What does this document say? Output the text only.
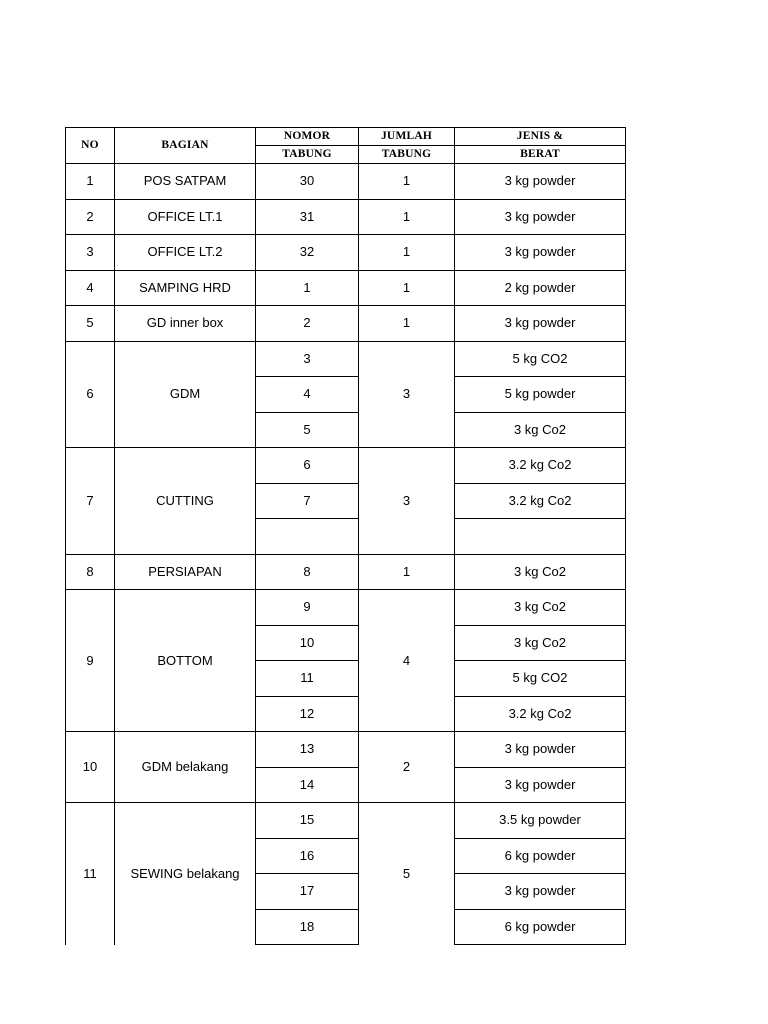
NO	BAGIAN	NOMOR	JUMLAH	JENIS &
		TABUNG	TABUNG	BERAT
1	POS SATPAM	30	1	3 kg powder
2	OFFICE LT.1	31	1	3 kg powder
3	OFFICE LT.2	32	1	3 kg powder
4	SAMPING HRD	1	1	2 kg powder
5	GD inner box	2	1	3 kg powder
6	GDM	3	3	5 kg CO2
		4		5 kg powder
		5		3 kg Co2
7	CUTTING	6	3	3.2 kg Co2
		7		3.2 kg Co2

8	PERSIAPAN	8	1	3 kg Co2
9	BOTTOM	9	4	3 kg Co2
		10		3 kg Co2
		11		5 kg CO2
		12		3.2 kg Co2
10	GDM belakang	13	2	3 kg powder
		14		3 kg powder
11	SEWING belakang	15	5	3.5 kg powder
		16		6 kg powder
		17		3 kg powder
		18		6 kg powder
